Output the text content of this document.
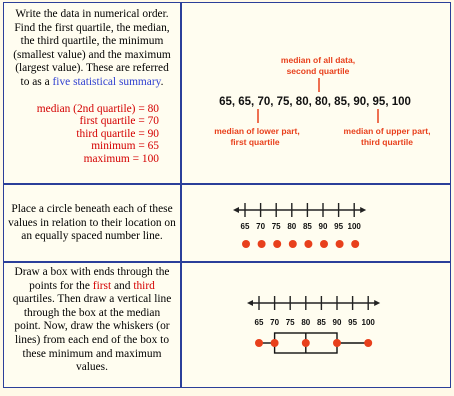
Write the data in numerical order.

Find the first quartile, the median,

the third quartile, the minimum

(smallest value) and the maximum

(largest value). These are referred

to as a five statistical summary.

median (2nd quartile) = 80
first quartile = 70
third quartile = 90
minimum = 65
maximum = 100
median of all data,
second quartile
65, 65, 70, 75, 80, 80, 85, 90, 95, 100
median of lower part,
first quartile
median of upper part,
third quartile

Place a circle beneath each of these

values in relation to their location on

an equally spaced number line.

65 70 75 80 85 90 95 100

Draw a box with ends through the

points for the first and third

quartiles. Then draw a vertical line

through the box at the median

point. Now, draw the whiskers (or

lines) from each end of the box to

these minimum and maximum

values.

65 70 75 80 85 90 95 100
